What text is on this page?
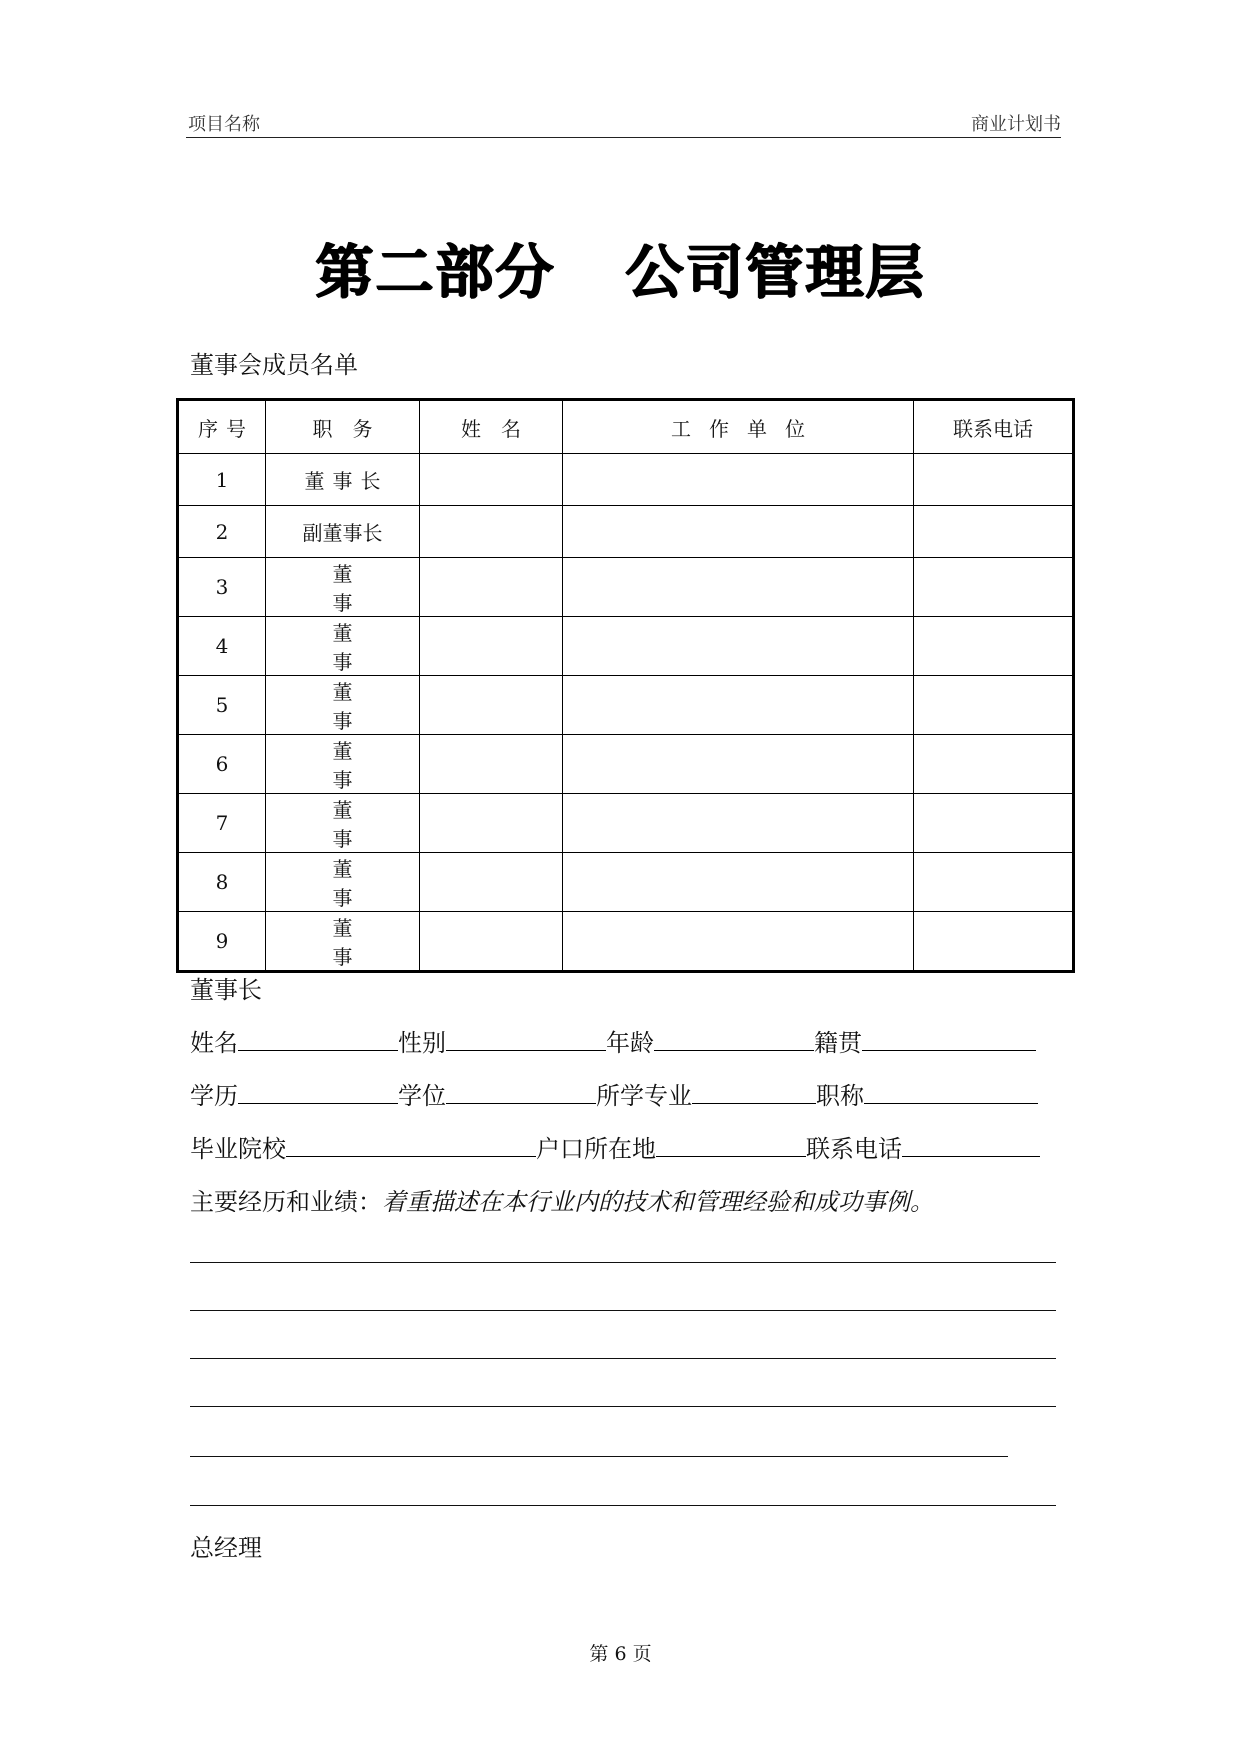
项目名称	商业计划书
第二部分 公司管理层
董事会成员名单
序号	职　务	姓　名	工作单位	联系电话
1	董事长			
2	副董事长			
3	董事			
4	董事			
5	董事			
6	董事			
7	董事			
8	董事			
9	董事			
董事长
姓名	性别	年龄	籍贯
学历	学位	所学专业	职称
毕业院校	户口所在地	联系电话
主要经历和业绩：着重描述在本行业内的技术和管理经验和成功事例。
总经理
第 6 页
